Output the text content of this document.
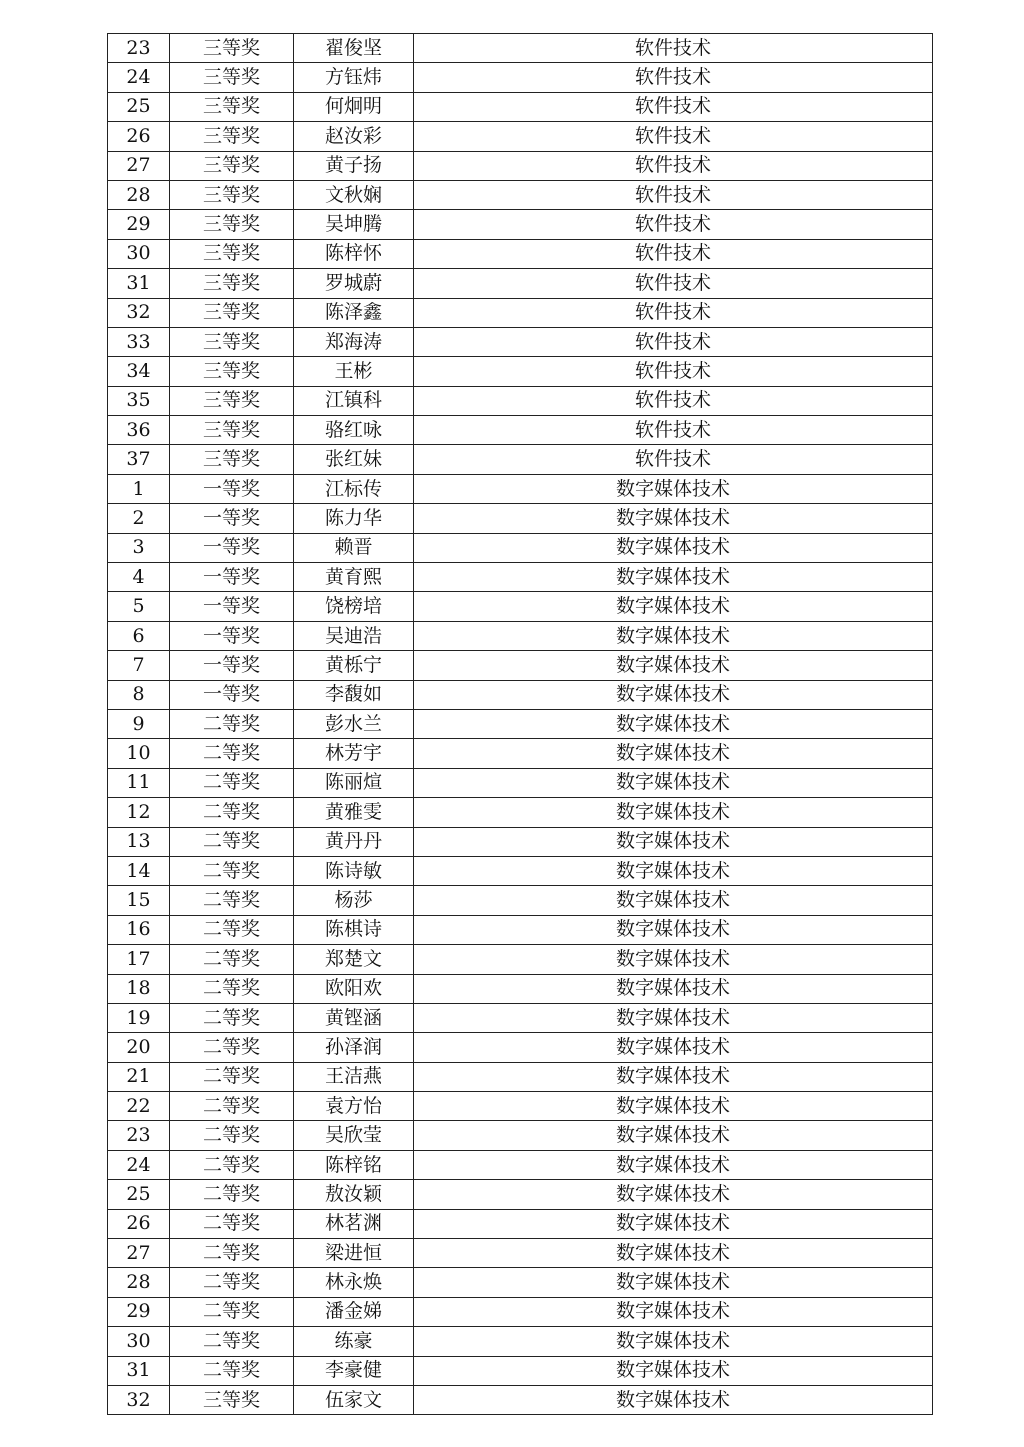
23	三等奖	翟俊坚	软件技术
24	三等奖	方钰炜	软件技术
25	三等奖	何炯明	软件技术
26	三等奖	赵汝彩	软件技术
27	三等奖	黄子扬	软件技术
28	三等奖	文秋娴	软件技术
29	三等奖	吴坤腾	软件技术
30	三等奖	陈梓怀	软件技术
31	三等奖	罗城蔚	软件技术
32	三等奖	陈泽鑫	软件技术
33	三等奖	郑海涛	软件技术
34	三等奖	王彬	软件技术
35	三等奖	江镇科	软件技术
36	三等奖	骆红咏	软件技术
37	三等奖	张红妹	软件技术
1	一等奖	江标传	数字媒体技术
2	一等奖	陈力华	数字媒体技术
3	一等奖	赖晋	数字媒体技术
4	一等奖	黄育熙	数字媒体技术
5	一等奖	饶榜培	数字媒体技术
6	一等奖	吴迪浩	数字媒体技术
7	一等奖	黄栎宁	数字媒体技术
8	一等奖	李馥如	数字媒体技术
9	二等奖	彭水兰	数字媒体技术
10	二等奖	林芳宇	数字媒体技术
11	二等奖	陈丽煊	数字媒体技术
12	二等奖	黄雅雯	数字媒体技术
13	二等奖	黄丹丹	数字媒体技术
14	二等奖	陈诗敏	数字媒体技术
15	二等奖	杨莎	数字媒体技术
16	二等奖	陈棋诗	数字媒体技术
17	二等奖	郑楚文	数字媒体技术
18	二等奖	欧阳欢	数字媒体技术
19	二等奖	黄铿涵	数字媒体技术
20	二等奖	孙泽润	数字媒体技术
21	二等奖	王洁燕	数字媒体技术
22	二等奖	袁方怡	数字媒体技术
23	二等奖	吴欣莹	数字媒体技术
24	二等奖	陈梓铭	数字媒体技术
25	二等奖	敖汝颖	数字媒体技术
26	二等奖	林茗渊	数字媒体技术
27	二等奖	梁进恒	数字媒体技术
28	二等奖	林永焕	数字媒体技术
29	二等奖	潘金娣	数字媒体技术
30	二等奖	练豪	数字媒体技术
31	二等奖	李豪健	数字媒体技术
32	三等奖	伍家文	数字媒体技术
